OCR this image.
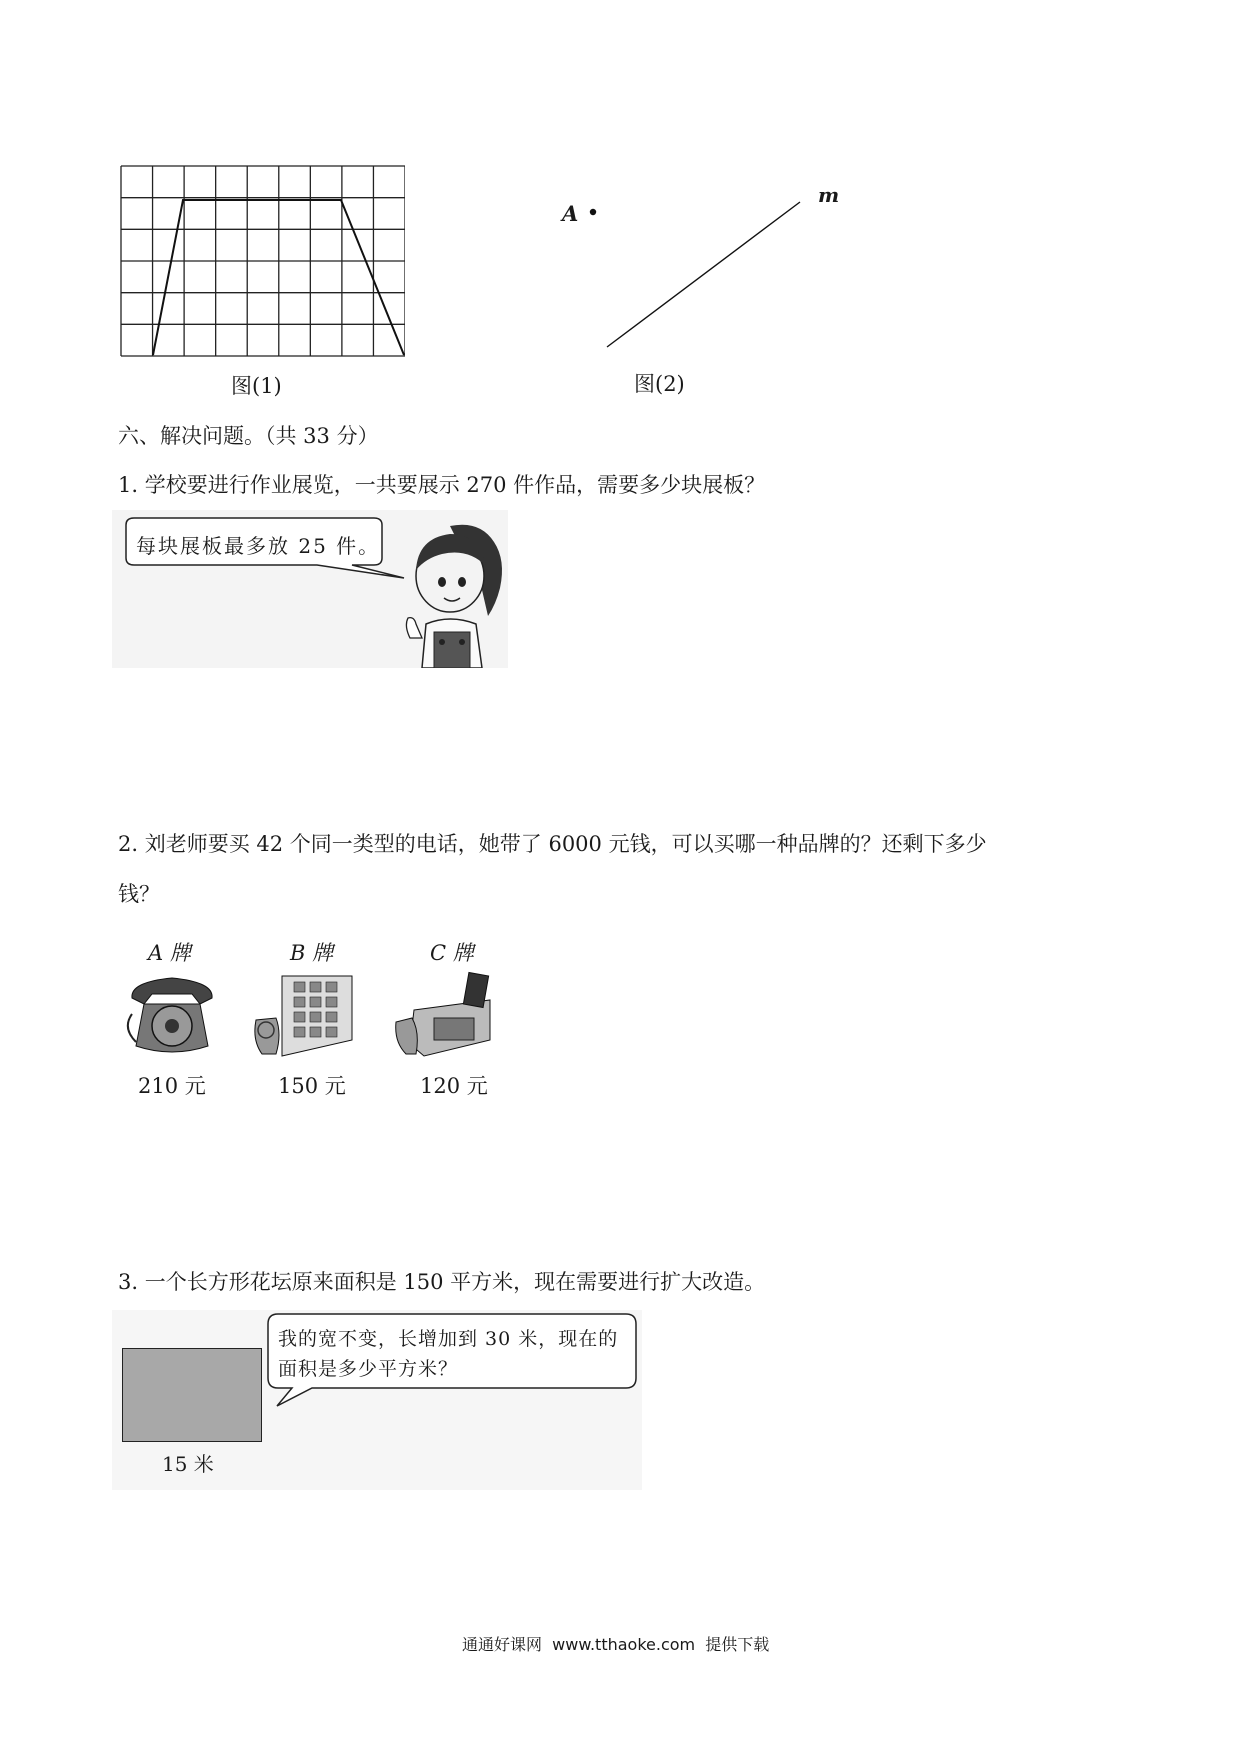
图(1)
A
m
图(2)
六、解决问题。（共 33 分）
1. 学校要进行作业展览，一共要展示 270 件作品，需要多少块展板？
每块展板最多放 25 件。
2. 刘老师要买 42 个同一类型的电话，她带了 6000 元钱，可以买哪一种品牌的？还剩下多少
钱？
A 牌
210 元
B 牌
150 元
C 牌
120 元
3. 一个长方形花坛原来面积是 150 平方米，现在需要进行扩大改造。
15 米
我的宽不变，长增加到 30 米，现在的
面积是多少平方米？
通通好课网  www.tthaoke.com  提供下载
